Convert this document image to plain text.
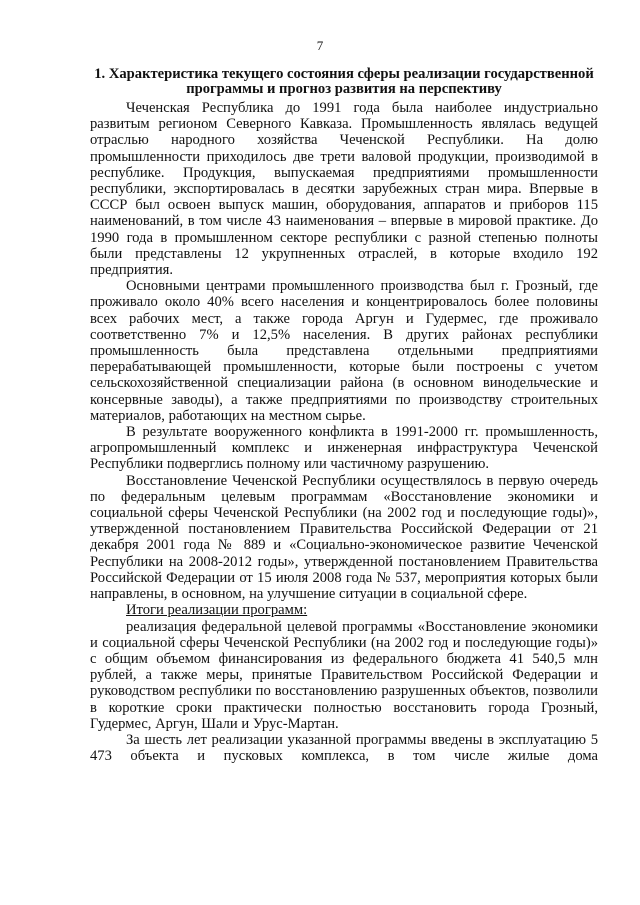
7
1. Характеристика текущего состояния сферы реализации государственной программы и прогноз развития на перспективу

Чеченская Республика до 1991 года была наиболее индустриально развитым регионом Северного Кавказа. Промышленность являлась ведущей отраслью народного хозяйства Чеченской Республики. На долю промышленности приходилось две трети валовой продукции, производимой в республике. Продукция, выпускаемая предприятиями промышленности республики, экспортировалась в десятки зарубежных стран мира. Впервые в СССР был освоен выпуск машин, оборудования, аппаратов и приборов 115 наименований, в том числе 43 наименования – впервые в мировой практике. До 1990 года в промышленном секторе республики с разной степенью полноты были представлены 12 укрупненных отраслей, в которые входило 192 предприятия.

Основными центрами промышленного производства был г. Грозный, где проживало около 40% всего населения и концентрировалось более половины всех рабочих мест, а также города Аргун и Гудермес, где проживало соответственно 7% и 12,5% населения. В других районах республики промышленность была представлена отдельными предприятиями перерабатывающей промышленности, которые были построены с учетом сельскохозяйственной специализации района (в основном винодельческие и консервные заводы), а также предприятиями по производству строительных материалов, работающих на местном сырье.

В результате вооруженного конфликта в 1991-2000 гг. промышленность, агропромышленный комплекс и инженерная инфраструктура Чеченской Республики подверглись полному или частичному разрушению.

Восстановление Чеченской Республики осуществлялось в первую очередь по федеральным целевым программам «Восстановление экономики и социальной сферы Чеченской Республики (на 2002 год и последующие годы)», утвержденной постановлением Правительства Российской Федерации от 21 декабря 2001 года № 889 и «Социально-экономическое развитие Чеченской Республики на 2008-2012 годы», утвержденной постановлением Правительства Российской Федерации от 15 июля 2008 года № 537, мероприятия которых были направлены, в основном, на улучшение ситуации в социальной сфере.

Итоги реализации программ:

реализация федеральной целевой программы «Восстановление экономики и социальной сферы Чеченской Республики (на 2002 год и последующие годы)» с общим объемом финансирования из федерального бюджета 41 540,5 млн рублей, а также меры, принятые Правительством Российской Федерации и руководством республики по восстановлению разрушенных объектов, позволили в короткие сроки практически полностью восстановить города Грозный, Гудермес, Аргун, Шали и Урус-Мартан.

За шесть лет реализации указанной программы введены в эксплуатацию 5 473 объекта и пусковых комплекса, в том числе жилые дома
